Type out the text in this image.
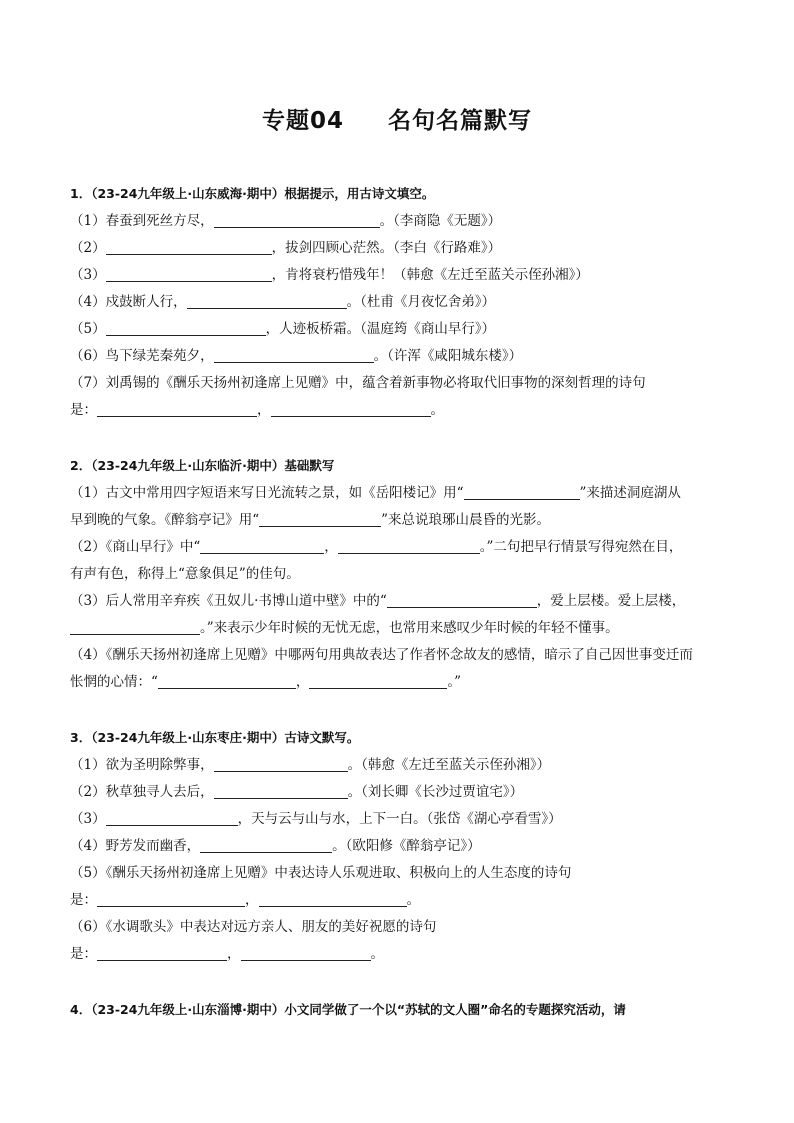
专题04 名句名篇默写
1．（23-24九年级上·山东威海·期中）根据提示，用古诗文填空。
（1）春蚕到死丝方尽，	。（李商隐《无题》）
（2）	，拔剑四顾心茫然。（李白《行路难》）
（3）	，肯将衰朽惜残年！（韩愈《左迁至蓝关示侄孙湘》）
（4）戍鼓断人行，	。（杜甫《月夜忆舍弟》）
（5）	，人迹板桥霜。（温庭筠《商山早行》）
（6）鸟下绿芜秦苑夕，	。（许浑《咸阳城东楼》）
（7）刘禹锡的《酬乐天扬州初逢席上见赠》中，蕴含着新事物必将取代旧事物的深刻哲理的诗句
是：	，	。
2．（23-24九年级上·山东临沂·期中）基础默写
（1）古文中常用四字短语来写日光流转之景，如《岳阳楼记》用“	”来描述洞庭湖从
早到晚的气象。《醉翁亭记》用“	”来总说琅琊山晨昏的光影。
（2）《商山早行》中“	，	。”二句把早行情景写得宛然在目，
有声有色，称得上“意象俱足”的佳句。
（3）后人常用辛弃疾《丑奴儿·书博山道中壁》中的“	，爱上层楼。爱上层楼，
。”来表示少年时候的无忧无虑，也常用来感叹少年时候的年轻不懂事。
（4）《酬乐天扬州初逢席上见赠》中哪两句用典故表达了作者怀念故友的感情，暗示了自己因世事变迁而
怅惘的心情：“	，	。”
3．（23-24九年级上·山东枣庄·期中）古诗文默写。
（1）欲为圣明除弊事，	。（韩愈《左迁至蓝关示侄孙湘》）
（2）秋草独寻人去后，	。（刘长卿《长沙过贾谊宅》）
（3）	，天与云与山与水，上下一白。（张岱《湖心亭看雪》）
（4）野芳发而幽香，	。（欧阳修《醉翁亭记》）
（5）《酬乐天扬州初逢席上见赠》中表达诗人乐观进取、积极向上的人生态度的诗句
是：	，	。
（6）《水调歌头》中表达对远方亲人、朋友的美好祝愿的诗句
是：	，	。
4．（23-24九年级上·山东淄博·期中）小文同学做了一个以“苏轼的文人圈”命名的专题探究活动，请
